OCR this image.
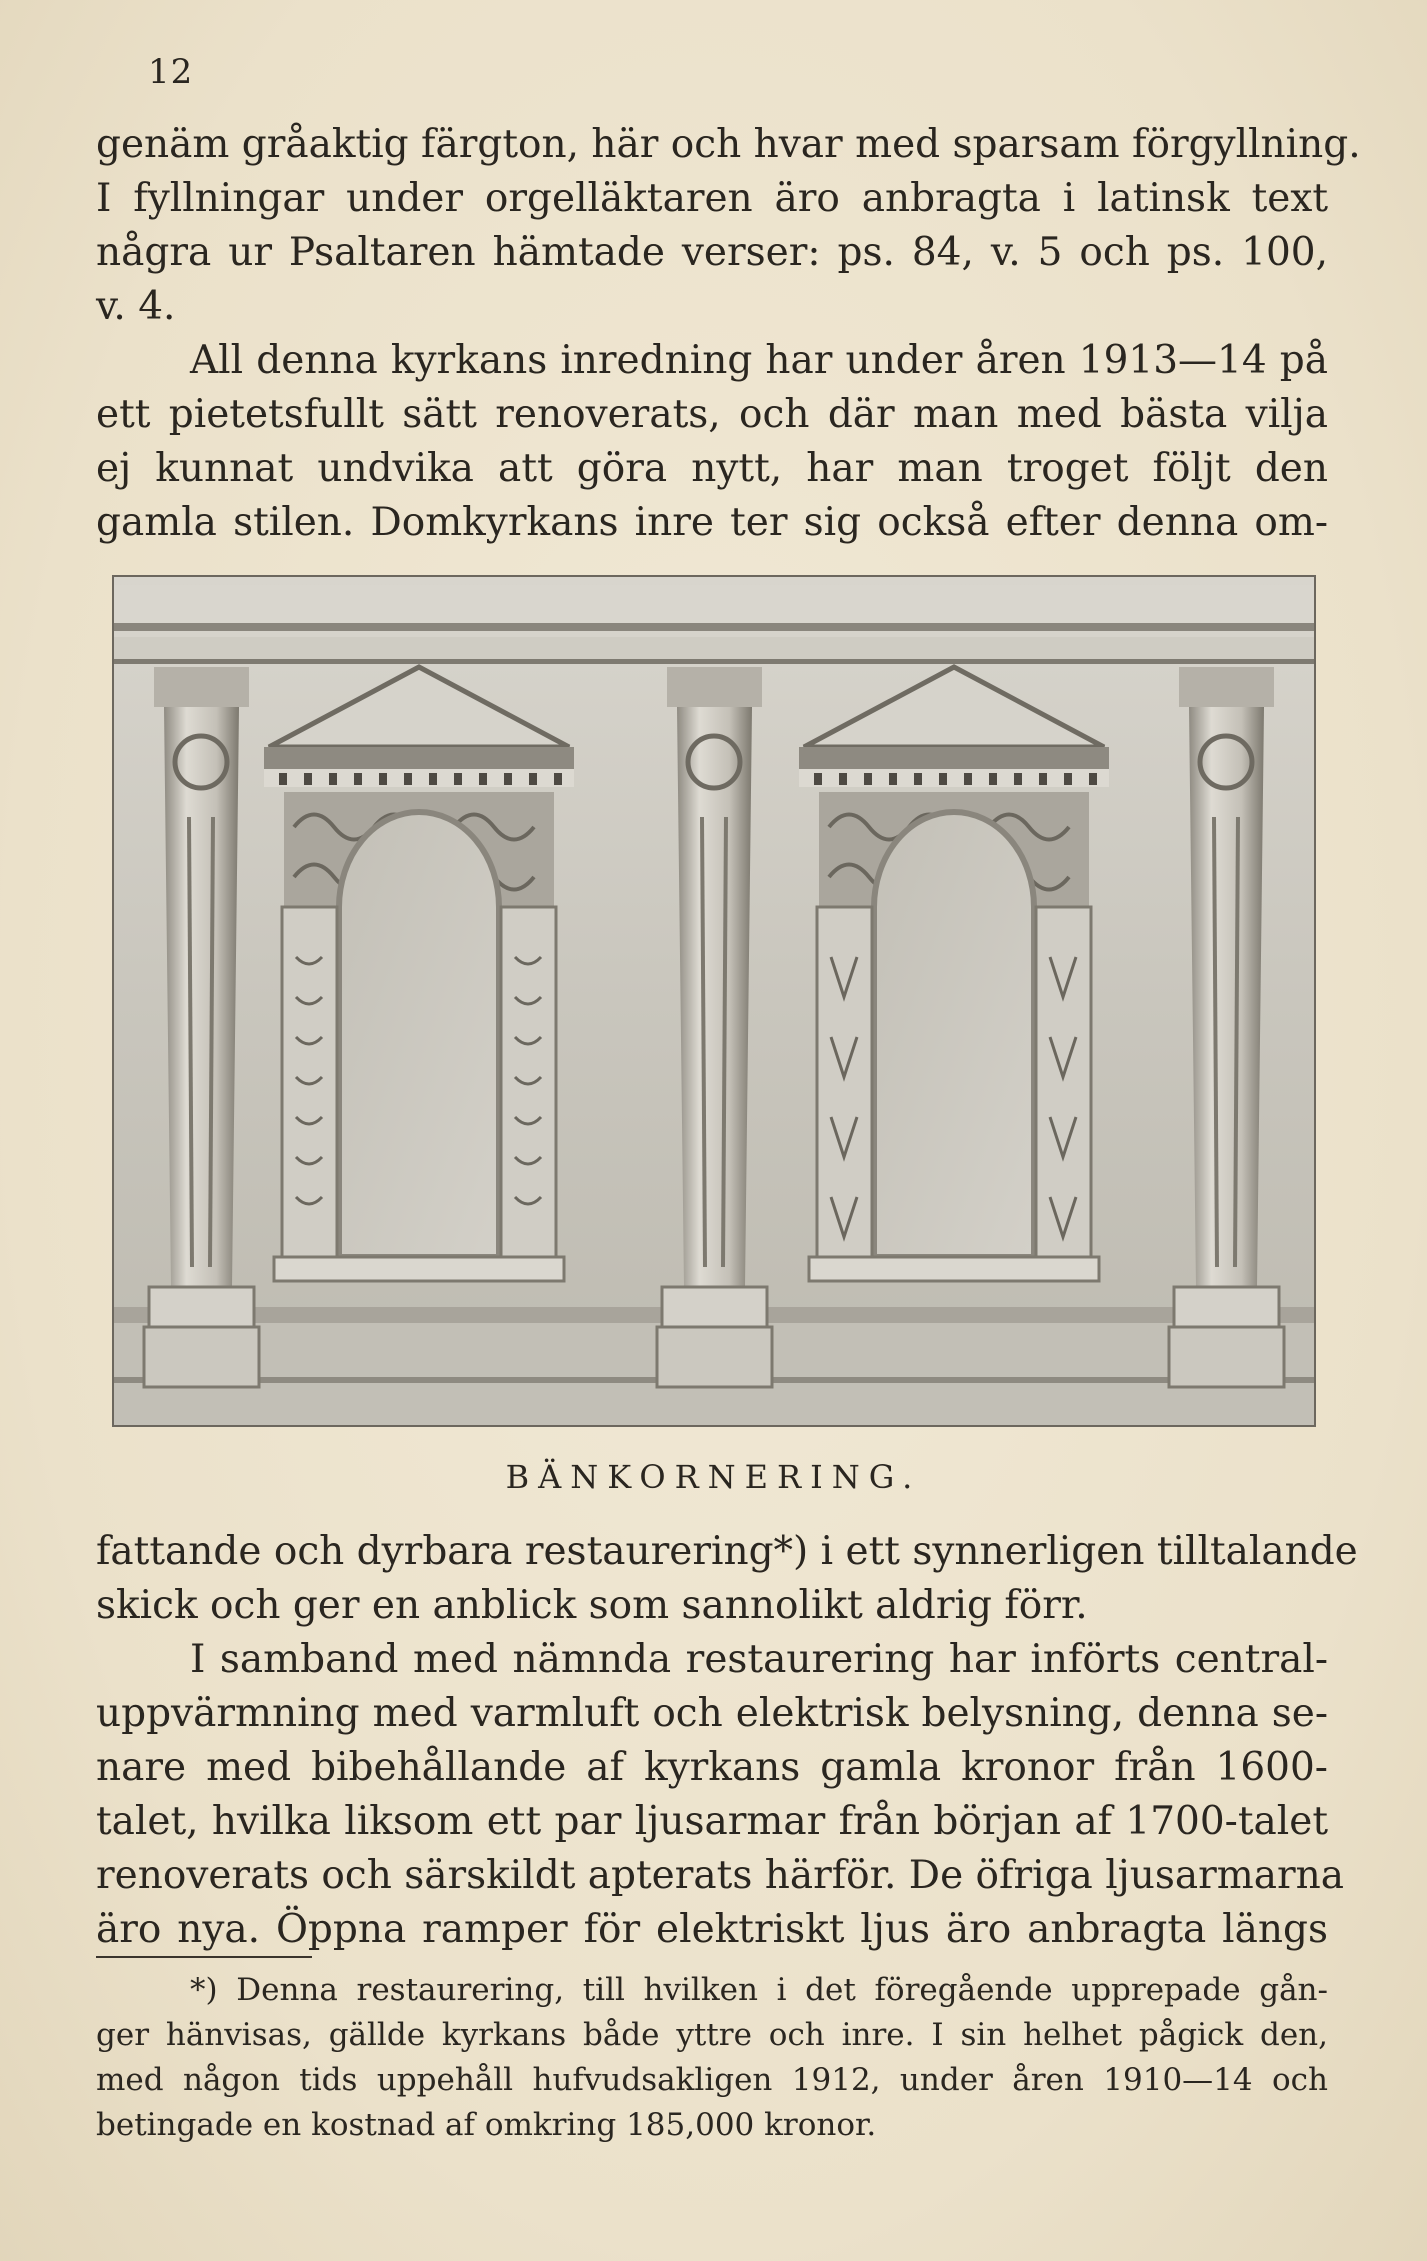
12
genäm gråaktig färgton, här och hvar med sparsam förgyllning.
I fyllningar under orgelläktaren äro anbragta i latinsk text
några ur Psaltaren hämtade verser: ps. 84, v. 5 och ps. 100,
v. 4.
All denna kyrkans inredning har under åren 1913—14 på
ett pietetsfullt sätt renoverats, och där man med bästa vilja
ej kunnat undvika att göra nytt, har man troget följt den
gamla stilen. Domkyrkans inre ter sig också efter denna om-
BÄNKORNERING.
fattande och dyrbara restaurering*) i ett synnerligen tilltalande
skick och ger en anblick som sannolikt aldrig förr.
I samband med nämnda restaurering har införts central-
uppvärmning med varmluft och elektrisk belysning, denna se-
nare med bibehållande af kyrkans gamla kronor från 1600-
talet, hvilka liksom ett par ljusarmar från början af 1700-talet
renoverats och särskildt apterats härför. De öfriga ljusarmarna
äro nya. Öppna ramper för elektriskt ljus äro anbragta längs
*) Denna restaurering, till hvilken i det föregående upprepade gån-
ger hänvisas, gällde kyrkans både yttre och inre. I sin helhet pågick den,
med någon tids uppehåll hufvudsakligen 1912, under åren 1910—14 och
betingade en kostnad af omkring 185,000 kronor.
